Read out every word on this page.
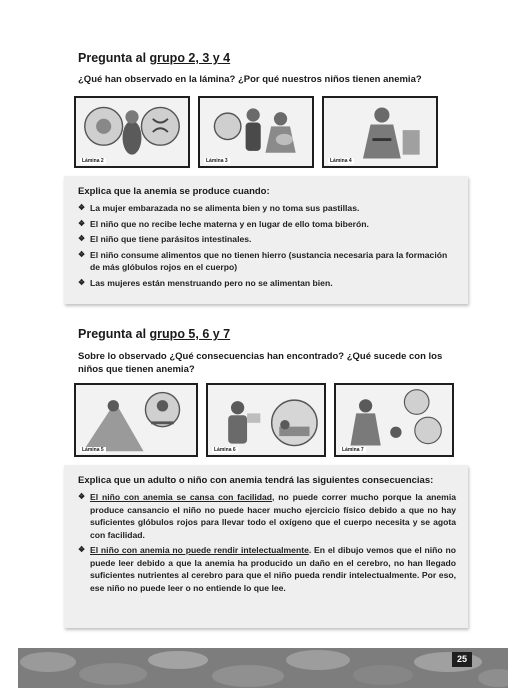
Pregunta al grupo 2, 3 y 4
¿Qué han observado en la lámina? ¿Por qué nuestros niños tienen anemia?
Lámina 2	Lámina 3	Lámina 4
Explica que la anemia se produce cuando:
❖ La mujer embarazada no se alimenta bien y no toma sus pastillas.
❖ El niño que no recibe leche materna y en lugar de ello toma biberón.
❖ El niño que tiene parásitos intestinales.
❖ El niño consume alimentos que no tienen hierro (sustancia necesaria para la formación de más glóbulos rojos en el cuerpo)
❖ Las mujeres están menstruando pero no se alimentan bien.
Pregunta al grupo 5, 6 y 7
Sobre lo observado ¿Qué consecuencias han encontrado? ¿Qué sucede con los niños que tienen anemia?
Lámina 5	Lámina 6	Lámina 7
Explica que un adulto o niño con anemia tendrá las siguientes consecuencias:
❖ El niño con anemia se cansa con facilidad, no puede correr mucho porque la anemia produce cansancio el niño no puede hacer mucho ejercicio físico debido a que no hay suficientes glóbulos rojos para llevar todo el oxígeno que el cuerpo necesita y se agota con facilidad.
❖ El niño con anemia no puede rendir intelectualmente. En el dibujo vemos que el niño no puede leer debido a que la anemia ha producido un daño en el cerebro, no han llegado suficientes nutrientes al cerebro para que el niño pueda rendir intelectualmente. Por eso, ese niño no puede leer o no entiende lo que lee.
25
